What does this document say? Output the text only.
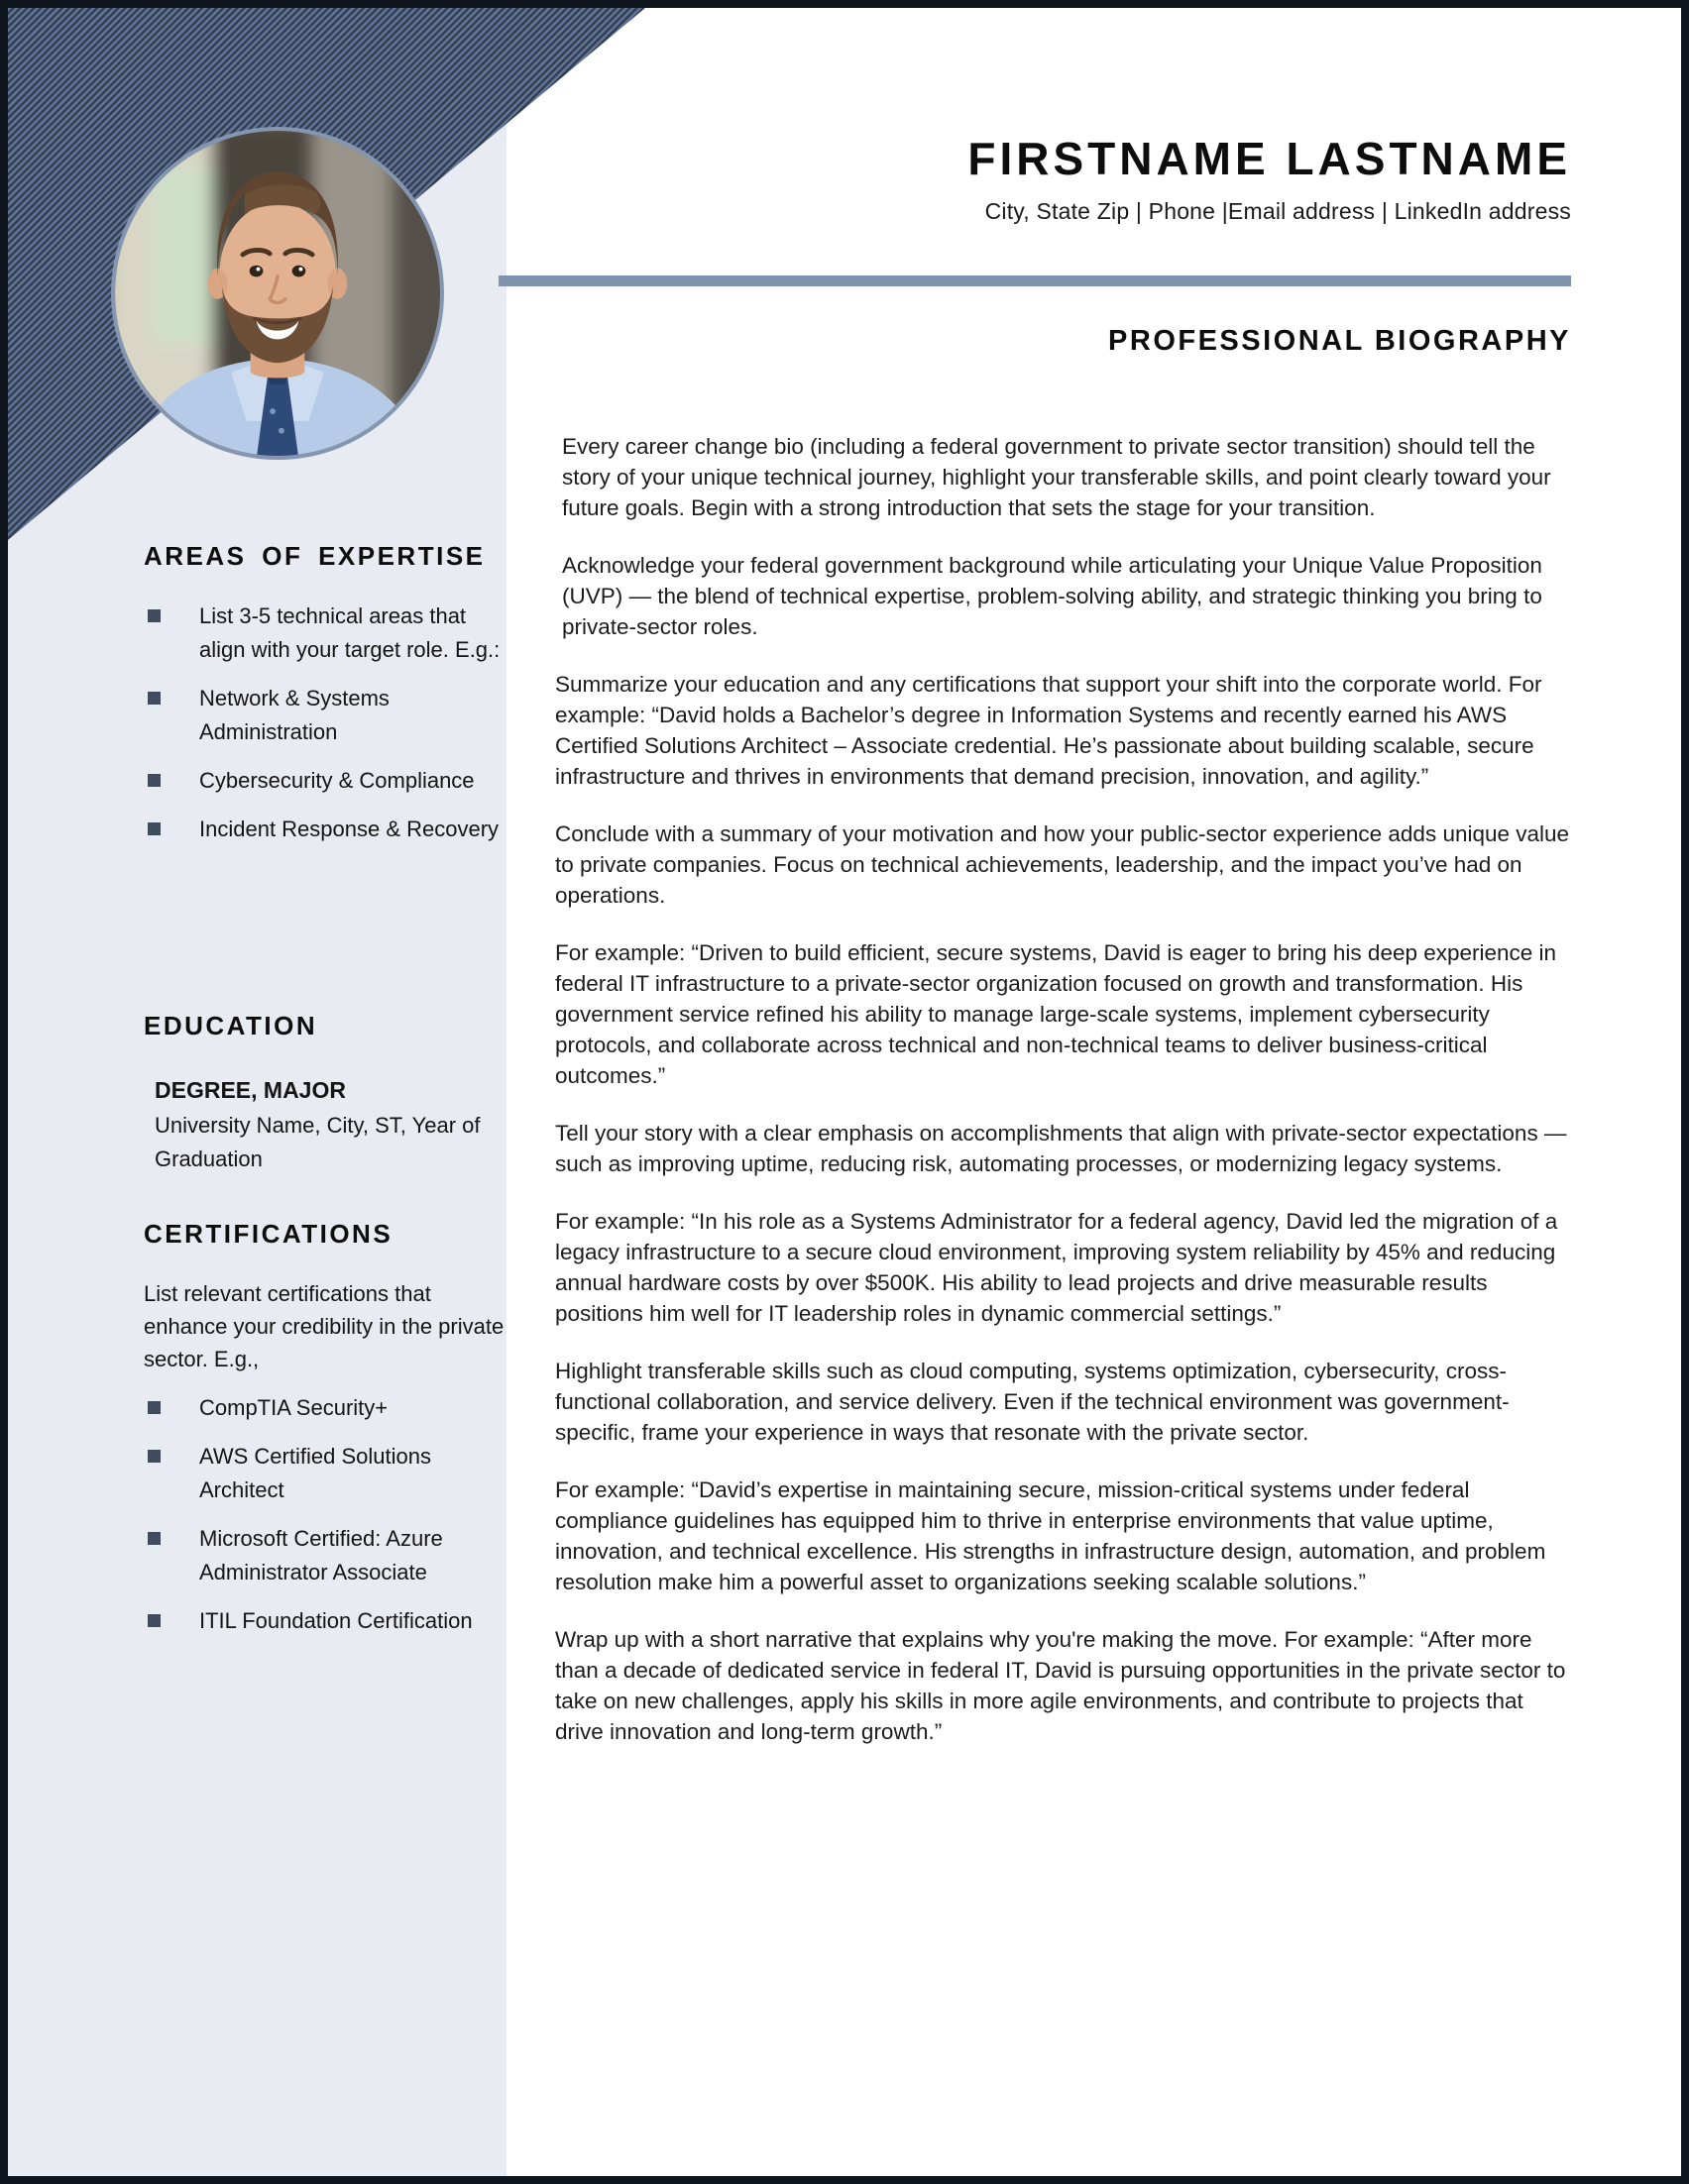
FIRSTNAME LASTNAME

City, State Zip | Phone |Email address | LinkedIn address

PROFESSIONAL BIOGRAPHY

Every career change bio (including a federal government to private sector transition) should tell the story of your unique technical journey, highlight your transferable skills, and point clearly toward your future goals. Begin with a strong introduction that sets the stage for your transition.

Acknowledge your federal government background while articulating your Unique Value Proposition (UVP) — the blend of technical expertise, problem-solving ability, and strategic thinking you bring to private-sector roles.

Summarize your education and any certifications that support your shift into the corporate world. For example: “David holds a Bachelor’s degree in Information Systems and recently earned his AWS Certified Solutions Architect – Associate credential. He’s passionate about building scalable, secure infrastructure and thrives in environments that demand precision, innovation, and agility.”

Conclude with a summary of your motivation and how your public-sector experience adds unique value to private companies. Focus on technical achievements, leadership, and the impact you’ve had on operations.

For example: “Driven to build efficient, secure systems, David is eager to bring his deep experience in federal IT infrastructure to a private-sector organization focused on growth and transformation. His government service refined his ability to manage large-scale systems, implement cybersecurity protocols, and collaborate across technical and non-technical teams to deliver business-critical outcomes.”

Tell your story with a clear emphasis on accomplishments that align with private-sector expectations — such as improving uptime, reducing risk, automating processes, or modernizing legacy systems.

For example: “In his role as a Systems Administrator for a federal agency, David led the migration of a legacy infrastructure to a secure cloud environment, improving system reliability by 45% and reducing annual hardware costs by over $500K. His ability to lead projects and drive measurable results positions him well for IT leadership roles in dynamic commercial settings.”

Highlight transferable skills such as cloud computing, systems optimization, cybersecurity, cross-functional collaboration, and service delivery. Even if the technical environment was government-specific, frame your experience in ways that resonate with the private sector.

For example: “David’s expertise in maintaining secure, mission-critical systems under federal compliance guidelines has equipped him to thrive in enterprise environments that value uptime, innovation, and technical excellence. His strengths in infrastructure design, automation, and problem resolution make him a powerful asset to organizations seeking scalable solutions.”

Wrap up with a short narrative that explains why you're making the move. For example: “After more than a decade of dedicated service in federal IT, David is pursuing opportunities in the private sector to take on new challenges, apply his skills in more agile environments, and contribute to projects that drive innovation and long-term growth.”

AREAS OF EXPERTISE
List 3-5 technical areas that align with your target role. E.g.:
Network & Systems Administration
Cybersecurity & Compliance
Incident Response & Recovery
EDUCATION

DEGREE, MAJOR

University Name, City, ST, Year of Graduation

CERTIFICATIONS

List relevant certifications that enhance your credibility in the private sector. E.g.,

CompTIA Security+
AWS Certified Solutions Architect
Microsoft Certified: Azure Administrator Associate
ITIL Foundation Certification
